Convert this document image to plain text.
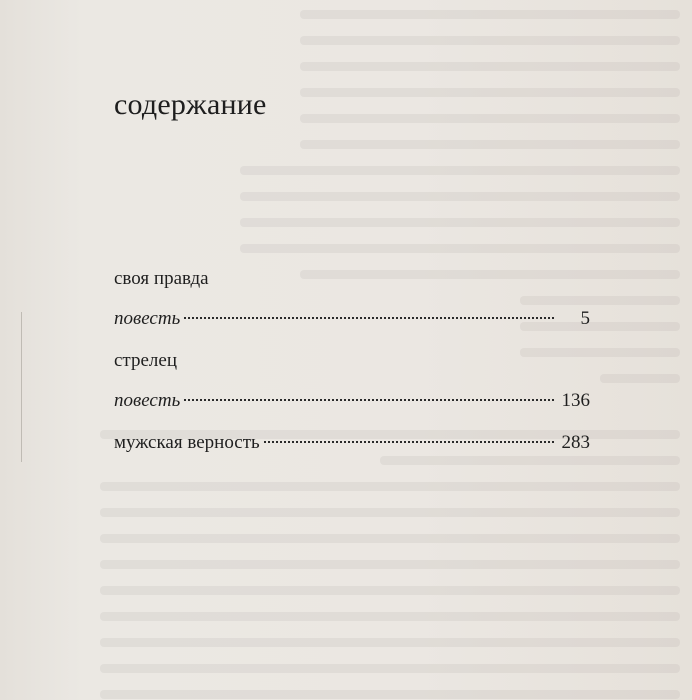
содержание
своя правда
повесть	5
стрелец
повесть	136
мужская верность	283
